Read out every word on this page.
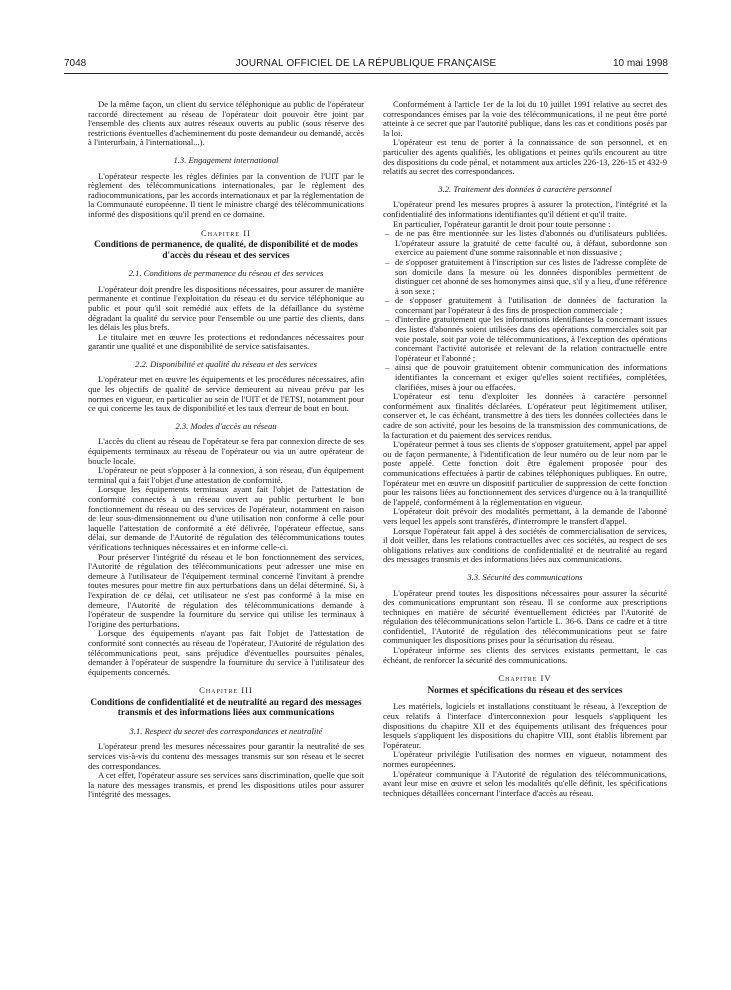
7048	JOURNAL OFFICIEL DE LA RÉPUBLIQUE FRANÇAISE	10 mai 1998

De la même façon, un client du service téléphonique au public de l'opérateur raccordé directement au réseau de l'opérateur doit pouvoir être joint par l'ensemble des clients aux autres réseaux ouverts au public (sous réserve des restrictions éventuelles d'acheminement du poste demandeur ou demandé, accès à l'interurbain, à l'international...).

1.3. Engagement international

L'opérateur respecte les règles définies par la convention de l'UIT par le règlement des télécommunications internationales, par le règlement des radiocommunications, par les accords internationaux et par la réglementation de la Communauté européenne. Il tient le ministre chargé des télécommunications informé des dispositions qu'il prend en ce domaine.

Chapitre II
Conditions de permanence, de qualité, de disponibilité et de modes d'accès du réseau et des services
2.1. Conditions de permanence du réseau et des services

L'opérateur doit prendre les dispositions nécessaires, pour assurer de manière permanente et continue l'exploitation du réseau et du service téléphonique au public et pour qu'il soit remédié aux effets de la défaillance du système dégradant la qualité du service pour l'ensemble ou une partie des clients, dans les délais les plus brefs.

Le titulaire met en œuvre les protections et redondances nécessaires pour garantir une qualité et une disponibilité de service satisfaisantes.

2.2. Disponibilité et qualité du réseau et des services

L'opérateur met en œuvre les équipements et les procédures nécessaires, afin que les objectifs de qualité de service demeurent au niveau prévu par les normes en vigueur, en particulier au sein de l'UIT et de l'ETSI, notamment pour ce qui concerne les taux de disponibilité et les taux d'erreur de bout en bout.

2.3. Modes d'accès au réseau

L'accès du client au réseau de l'opérateur se fera par connexion directe de ses équipements terminaux au réseau de l'opérateur ou via un autre opérateur de boucle locale.

L'opérateur ne peut s'opposer à la connexion, à son réseau, d'un équipement terminal qui a fait l'objet d'une attestation de conformité.

Lorsque les équipements terminaux ayant fait l'objet de l'attestation de conformité connectés à un réseau ouvert au public perturbent le bon fonctionnement du réseau ou des services de l'opérateur, notamment en raison de leur sous-dimensionnement ou d'une utilisation non conforme à celle pour laquelle l'attestation de conformité a été délivrée, l'opérateur effectue, sans délai, sur demande de l'Autorité de régulation des télécommunications toutes vérifications techniques nécessaires et en informe celle-ci.

Pour préserver l'intégrité du réseau et le bon fonctionnement des services, l'Autorité de régulation des télécommunications peut adresser une mise en demeure à l'utilisateur de l'équipement terminal concerné l'invitant à prendre toutes mesures pour mettre fin aux perturbations dans un délai déterminé. Si, à l'expiration de ce délai, cet utilisateur ne s'est pas conformé à la mise en demeure, l'Autorité de régulation des télécommunications demande à l'opérateur de suspendre la fourniture du service qui utilise les terminaux à l'origine des perturbations.

Lorsque des équipements n'ayant pas fait l'objet de l'attestation de conformité sont connectés au réseau de l'opérateur, l'Autorité de régulation des télécommunications peut, sans préjudice d'éventuelles poursuites pénales, demander à l'opérateur de suspendre la fourniture du service à l'utilisateur des équipements concernés.

Chapitre III
Conditions de confidentialité et de neutralité au regard des messages transmis et des informations liées aux communications
3.1. Respect du secret des correspondances et neutralité

L'opérateur prend les mesures nécessaires pour garantir la neutralité de ses services vis-à-vis du contenu des messages transmis sur son réseau et le secret des correspondances.

A cet effet, l'opérateur assure ses services sans discrimination, quelle que soit la nature des messages transmis, et prend les dispositions utiles pour assurer l'intégrité des messages.

Conformément à l'article 1er de la loi du 10 juillet 1991 relative au secret des correspondances émises par la voie des télécommunications, il ne peut être porté atteinte à ce secret que par l'autorité publique, dans les cas et conditions posés par la loi.

L'opérateur est tenu de porter à la connaissance de son personnel, et en particulier des agents qualifiés, les obligations et peines qu'ils encourent au titre des dispositions du code pénal, et notamment aux articles 226-13, 226-15 et 432-9 relatifs au secret des correspondances.

3.2. Traitement des données à caractère personnel

L'opérateur prend les mesures propres à assurer la protection, l'intégrité et la confidentialité des informations identifiantes qu'il détient et qu'il traite.

En particulier, l'opérateur garantit le droit pour toute personne :

– de ne pas être mentionnée sur les listes d'abonnés ou d'utilisateurs publiées. L'opérateur assure la gratuité de cette faculté ou, à défaut, subordonne son exercice au paiement d'une somme raisonnable et non dissuasive ;
– de s'opposer gratuitement à l'inscription sur ces listes de l'adresse complète de son domicile dans la mesure où les données disponibles permettent de distinguer cet abonné de ses homonymes ainsi que, s'il y a lieu, d'une référence à son sexe ;
– de s'opposer gratuitement à l'utilisation de données de facturation la concernant par l'opérateur à des fins de prospection commerciale ;
– d'interdire gratuitement que les informations identifiantes la concernant issues des listes d'abonnés soient utilisées dans des opérations commerciales soit par voie postale, soit par voie de télécommunications, à l'exception des opérations concernant l'activité autorisée et relevant de la relation contractuelle entre l'opérateur et l'abonné ;
– ainsi que de pouvoir gratuitement obtenir communication des informations identifiantes la concernant et exiger qu'elles soient rectifiées, complétées, clarifiées, mises à jour ou effacées.

L'opérateur est tenu d'exploiter les données à caractère personnel conformément aux finalités déclarées. L'opérateur peut légitimement utiliser, conserver et, le cas échéant, transmettre à des tiers les données collectées dans le cadre de son activité, pour les besoins de la transmission des communications, de la facturation et du paiement des services rendus.

L'opérateur permet à tous ses clients de s'opposer gratuitement, appel par appel ou de façon permanente, à l'identification de leur numéro ou de leur nom par le poste appelé. Cette fonction doit être également proposée pour des communications effectuées à partir de cabines téléphoniques publiques. En outre, l'opérateur met en œuvre un dispositif particulier de suppression de cette fonction pour les raisons liées au fonctionnement des services d'urgence ou à la tranquillité de l'appelé, conformément à la réglementation en vigueur.

L'opérateur doit prévoir des modalités permettant, à la demande de l'abonné vers lequel les appels sont transférés, d'interrompre le transfert d'appel.

Lorsque l'opérateur fait appel à des sociétés de commercialisation de services, il doit veiller, dans les relations contractuelles avec ces sociétés, au respect de ses obligations relatives aux conditions de confidentialité et de neutralité au regard des messages transmis et des informations liées aux communications.

3.3. Sécurité des communications

L'opérateur prend toutes les dispositions nécessaires pour assurer la sécurité des communications empruntant son réseau. Il se conforme aux prescriptions techniques en matière de sécurité éventuellement édictées par l'Autorité de régulation des télécommunications selon l'article L. 36-6. Dans ce cadre et à titre confidentiel, l'Autorité de régulation des télécommunications peut se faire communiquer les dispositions prises pour la sécurisation du réseau.

L'opérateur informe ses clients des services existants permettant, le cas échéant, de renforcer la sécurité des communications.

Chapitre IV
Normes et spécifications du réseau et des services

Les matériels, logiciels et installations constituant le réseau, à l'exception de ceux relatifs à l'interface d'interconnexion pour lesquels s'appliquent les dispositions du chapitre XII et des équipements utilisant des fréquences pour lesquels s'appliquent les dispositions du chapitre VIII, sont établis librement par l'opérateur.

L'opérateur privilégie l'utilisation des normes en vigueur, notamment des normes européennes.

L'opérateur communique à l'Autorité de régulation des télécommunications, avant leur mise en œuvre et selon les modalités qu'elle définit, les spécifications techniques détaillées concernant l'interface d'accès au réseau.
